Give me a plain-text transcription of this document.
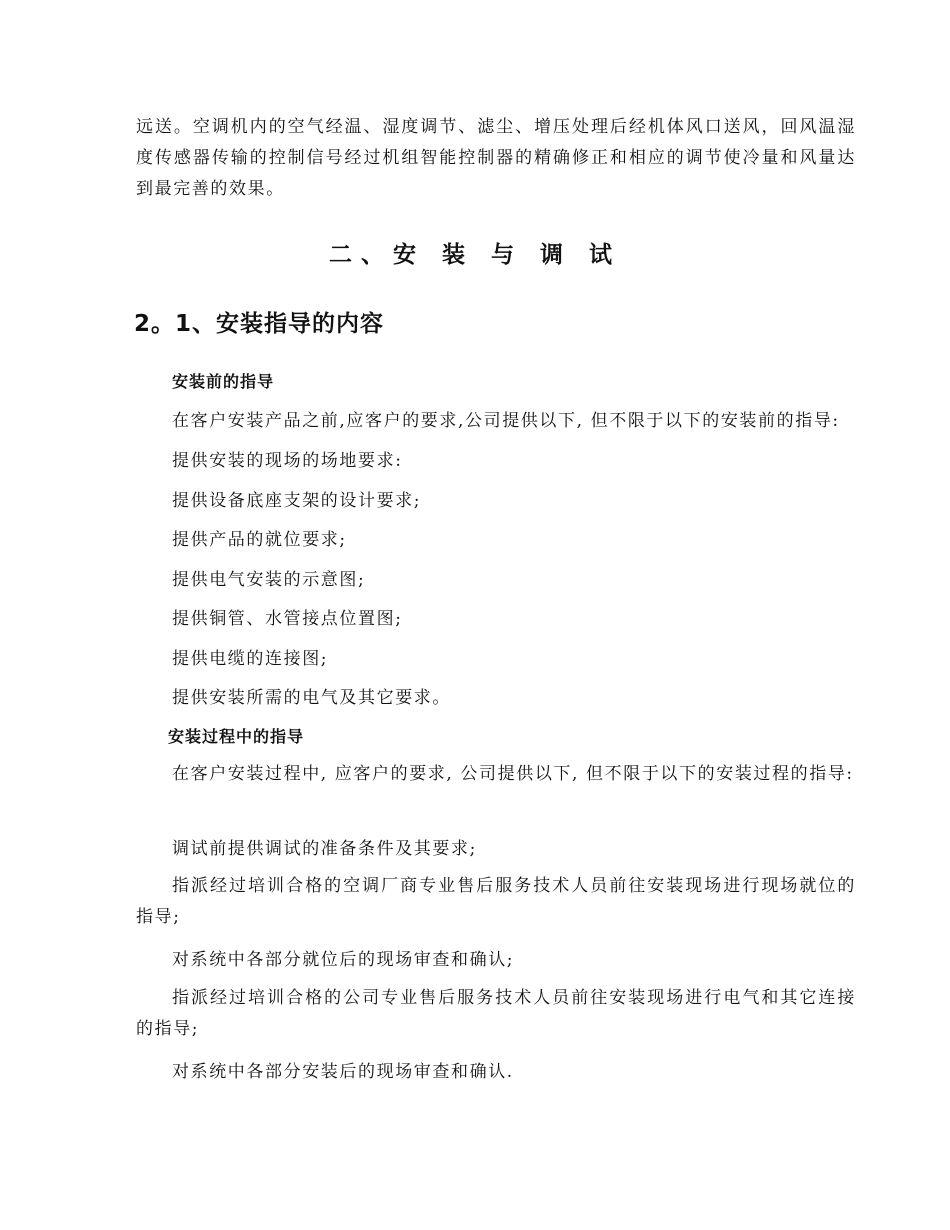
远送。空调机内的空气经温、湿度调节、滤尘、增压处理后经机体风口送风，回风温湿度传感器传输的控制信号经过机组智能控制器的精确修正和相应的调节使冷量和风量达到最完善的效果。

二、安 装 与 调 试
2。1、安装指导的内容
安装前的指导

在客户安装产品之前,应客户的要求,公司提供以下, 但不限于以下的安装前的指导:

提供安装的现场的场地要求:

提供设备底座支架的设计要求;

提供产品的就位要求;

提供电气安装的示意图;

提供铜管、水管接点位置图;

提供电缆的连接图;

提供安装所需的电气及其它要求。

安装过程中的指导

在客户安装过程中, 应客户的要求, 公司提供以下, 但不限于以下的安装过程的指导:

调试前提供调试的准备条件及其要求;

指派经过培训合格的空调厂商专业售后服务技术人员前往安装现场进行现场就位的指导;

对系统中各部分就位后的现场审查和确认;

指派经过培训合格的公司专业售后服务技术人员前往安装现场进行电气和其它连接的指导;

对系统中各部分安装后的现场审查和确认.
